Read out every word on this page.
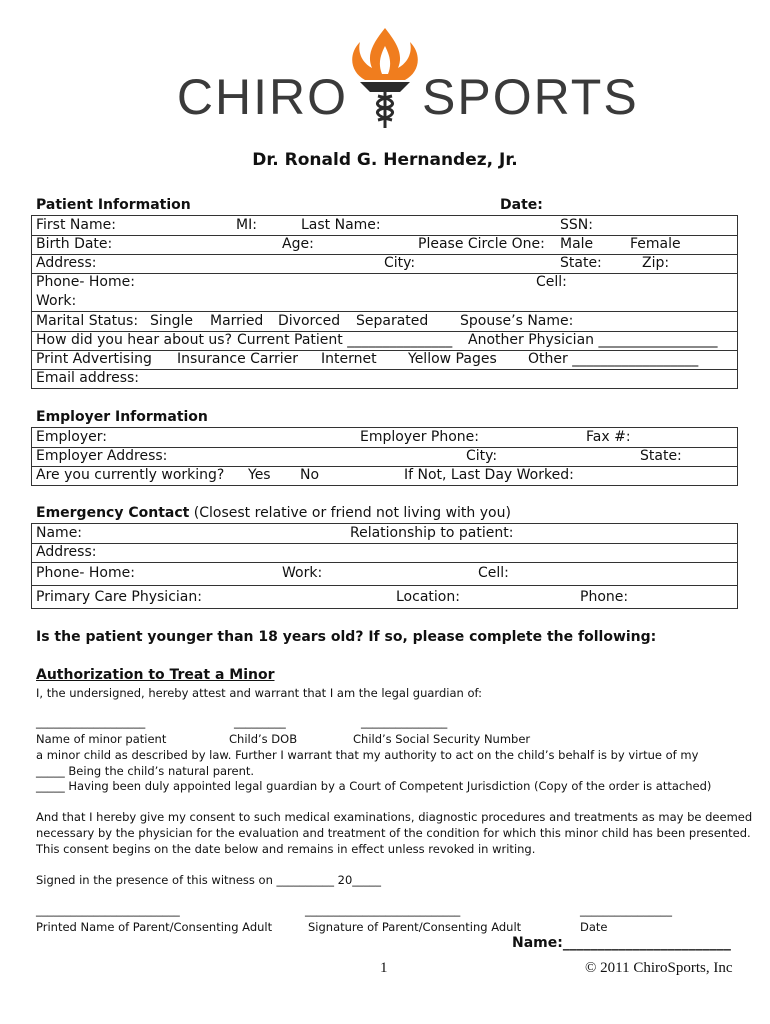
CHIRO SPORTS
Dr. Ronald G. Hernandez, Jr.
Patient Information	Date:
First Name:	MI:	Last Name:	SSN:
Birth Date:	Age:	Please Circle One: Male	Female
Address:	City:	State:	Zip:
Phone- Home:	Cell:
Work:
Marital Status: Single Married Divorced Separated Spouse’s Name:
How did you hear about us? Current Patient _______________ Another Physician _________________
Print Advertising Insurance Carrier Internet Yellow Pages Other __________________
Email address:
Employer Information
Employer:	Employer Phone:	Fax #:
Employer Address:	City:	State:
Are you currently working? Yes No	If Not, Last Day Worked:
Emergency Contact (Closest relative or friend not living with you)
Name:	Relationship to patient:
Address:
Phone- Home:	Work:	Cell:
Primary Care Physician:	Location:	Phone:
Is the patient younger than 18 years old? If so, please complete the following:
Authorization to Treat a Minor
I, the undersigned, hereby attest and warrant that I am the legal guardian of:
___________________	_________	_______________
Name of minor patient	Child’s DOB	Child’s Social Security Number
a minor child as described by law. Further I warrant that my authority to act on the child’s behalf is by virtue of my
_____ Being the child’s natural parent.
_____ Having been duly appointed legal guardian by a Court of Competent Jurisdiction (Copy of the order is attached)
And that I hereby give my consent to such medical examinations, diagnostic procedures and treatments as may be deemed
necessary by the physician for the evaluation and treatment of the condition for which this minor child has been presented.
This consent begins on the date below and remains in effect unless revoked in writing.
Signed in the presence of this witness on __________ 20_____
_________________________	___________________________	________________
Printed Name of Parent/Consenting Adult	Signature of Parent/Consenting Adult	Date
Name:________________________
1	© 2011 ChiroSports, Inc
